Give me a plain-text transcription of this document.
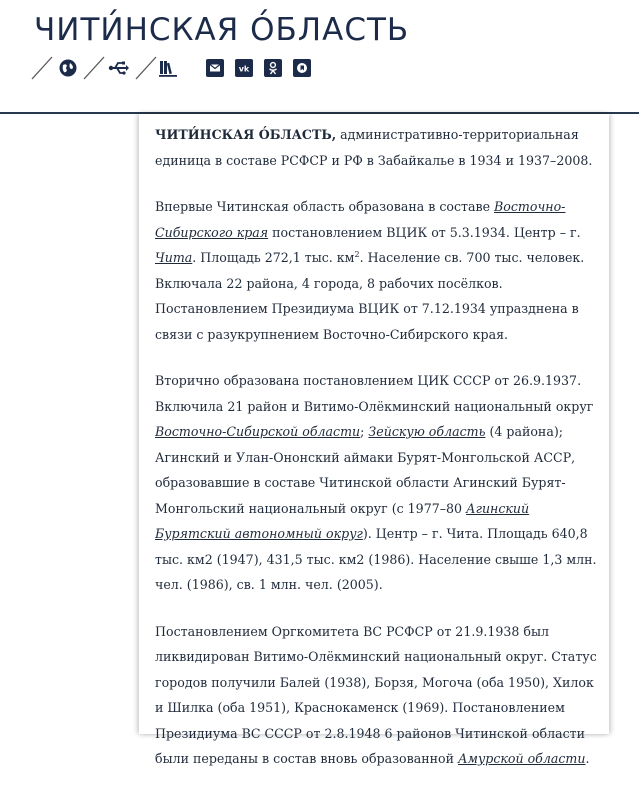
ЧИТИ́НСКАЯ О́БЛАСТЬ
vk

ЧИТИ́НСКАЯ О́БЛАСТЬ, административно-территориальная единица в составе РСФСР и РФ в Забайкалье в 1934 и 1937–2008.

Впервые Читинская область образована в составе Восточно-Сибирского края постановлением ВЦИК от 5.3.1934. Центр – г. Чита. Площадь 272,1 тыс. $км^2$. Население св. 700 тыс. человек. Включала 22 района, 4 города, 8 рабочих посёлков. Постановлением Президиума ВЦИК от 7.12.1934 упразднена в связи с разукрупнением Восточно-Сибирского края.

Вторично образована постановлением ЦИК СССР от 26.9.1937. Включила 21 район и Витимо-Олёкминский национальный округ Восточно-Сибирской области; Зейскую область (4 района); Агинский и Улан-Ононский аймаки Бурят-Монгольской АССР, образовавшие в составе Читинской области Агинский Бурят-Монгольский национальный округ (с 1977–80 Агинский Бурятский автономный округ). Центр – г. Чита. Площадь 640,8 тыс. км2 (1947), 431,5 тыс. км2 (1986). Население свыше 1,3 млн. чел. (1986), св. 1 млн. чел. (2005).

Постановлением Оргкомитета ВС РСФСР от 21.9.1938 был ликвидирован Витимо-Олёкминский национальный округ. Статус городов получили Балей (1938), Борзя, Могоча (оба 1950), Хилок и Шилка (оба 1951), Краснокаменск (1969). Постановлением Президиума ВС СССР от 2.8.1948 6 районов Читинской области были переданы в состав вновь образованной Амурской области.
